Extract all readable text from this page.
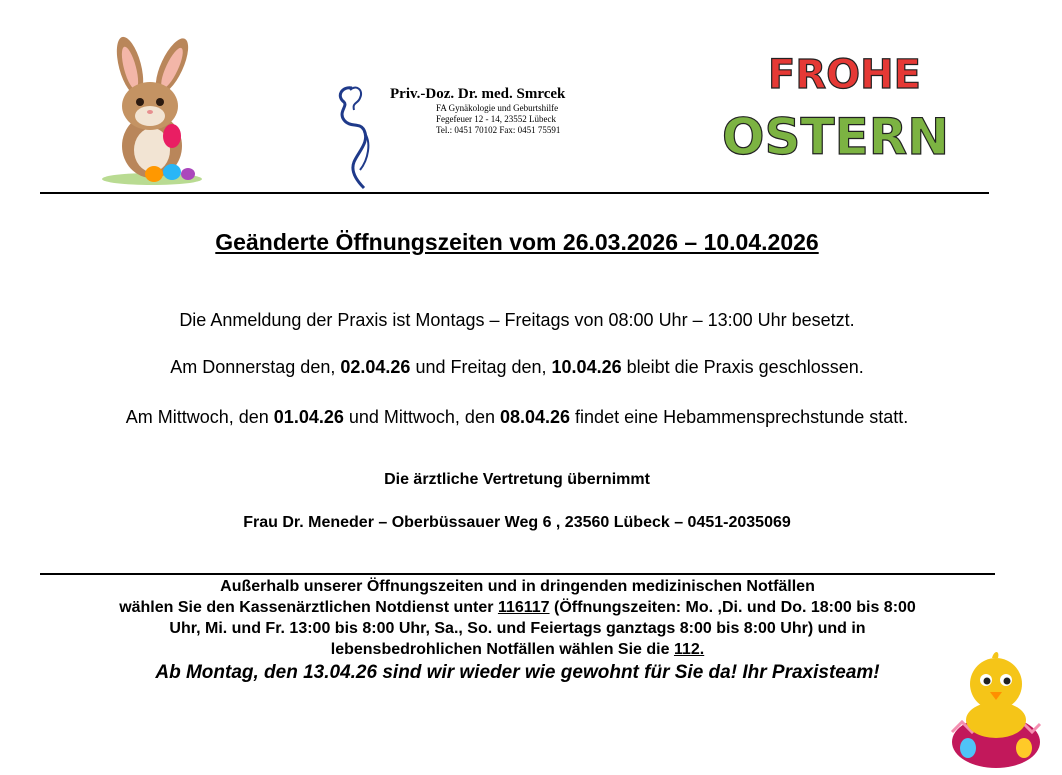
Priv.-Doz. Dr. med. Smrcek
FA Gynäkologie und Geburtshilfe
Fegefeuer 12 - 14, 23552 Lübeck
Tel.: 0451 70102 Fax: 0451 75591
FROHE
OSTERN
Geänderte Öffnungszeiten vom 26.03.2026 – 10.04.2026
Die Anmeldung der Praxis ist Montags – Freitags von 08:00 Uhr – 13:00 Uhr besetzt.
Am Donnerstag den, 02.04.26 und Freitag den, 10.04.26 bleibt die Praxis geschlossen.
Am Mittwoch, den 01.04.26 und Mittwoch, den 08.04.26 findet eine Hebammensprechstunde statt.
Die ärztliche Vertretung übernimmt
Frau Dr. Meneder – Oberbüssauer Weg 6 , 23560 Lübeck – 0451-2035069
Außerhalb unserer Öffnungszeiten und in dringenden medizinischen Notfällen
wählen Sie den Kassenärztlichen Notdienst unter 116117 (Öffnungszeiten: Mo. ,Di. und Do. 18:00 bis 8:00
Uhr, Mi. und Fr. 13:00 bis 8:00 Uhr, Sa., So. und Feiertags ganztags 8:00 bis 8:00 Uhr) und in
lebensbedrohlichen Notfällen wählen Sie die 112.
Ab Montag, den 13.04.26 sind wir wieder wie gewohnt für Sie da! Ihr Praxisteam!
